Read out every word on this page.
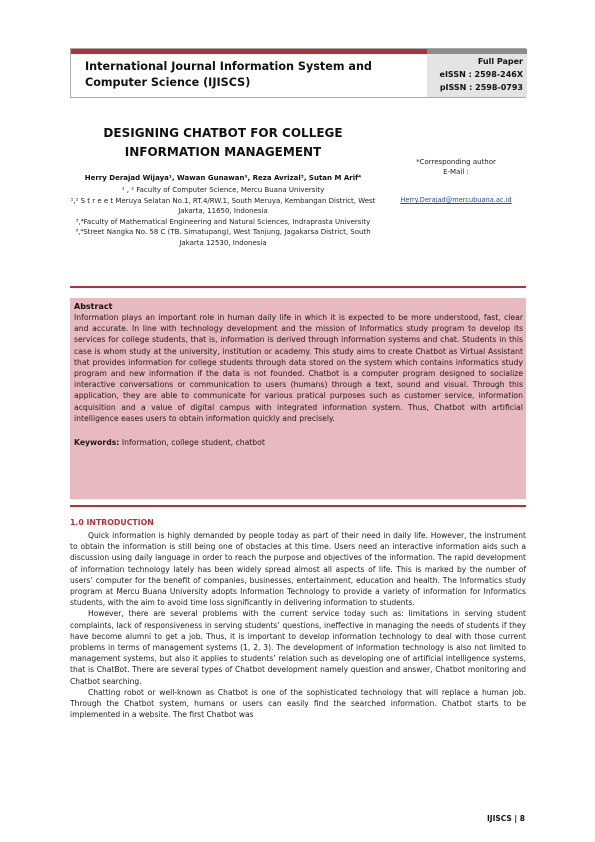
International Journal Information System and Computer Science (IJISCS)
Full Paper
eISSN : 2598-246X
pISSN : 2598-0793
DESIGNING CHATBOT FOR COLLEGE INFORMATION MANAGEMENT
Herry Derajad Wijaya¹, Wawan Gunawan², Reza Avrizal³, Sutan M Arif⁴
¹ , ² Faculty of Computer Science, Mercu Buana University
¹,² S t r e e t Meruya Selatan No.1, RT.4/RW.1, South Meruya, Kembangan District, West Jakarta, 11650, Indonesia
³,⁴Faculty of Mathematical Engineering and Natural Sciences, Indraprasta University
³,⁴Street Nangka No. 58 C (TB. Simatupang), West Tanjung, Jagakarsa District, South Jakarta 12530, Indonesia
*Corresponding author
E-Mail :
Herry.Derajad@mercubuana.ac.id

Abstract

Information plays an important role in human daily life in which it is expected to be more understood, fast, clear and accurate. In line with technology development and the mission of Informatics study program to develop its services for college students, that is, information is derived through information systems and chat. Students in this case is whom study at the university, institution or academy. This study aims to create Chatbot as Virtual Assistant that provides information for college students through data stored on the system which contains informatics study program and new information if the data is not founded. Chatbot is a computer program designed to socialize interactive conversations or communication to users (humans) through a text, sound and visual. Through this application, they are able to communicate for various pratical purposes such as customer service, information acquisition and a value of digital campus with integrated information system. Thus, Chatbot with artificial intelligence eases users to obtain information quickly and precisely.

Keywords: Information, college student, chatbot
1.0 INTRODUCTION

Quick information is highly demanded by people today as part of their need in daily life. However, the instrument to obtain the information is still being one of obstacles at this time. Users need an interactive information aids such a discussion using daily language in order to reach the purpose and objectives of the information. The rapid development of information technology lately has been widely spread almost all aspects of life. This is marked by the number of users’ computer for the benefit of companies, businesses, entertainment, education and health. The Informatics study program at Mercu Buana University adopts Information Technology to provide a variety of information for Informatics students, with the aim to avoid time loss significantly in delivering information to students.

However, there are several problems with the current service today such as: limitations in serving student complaints, lack of responsiveness in serving students’ questions, ineffective in managing the needs of students if they have become alumni to get a job. Thus, it is important to develop information technology to deal with those current problems in terms of management systems (1, 2, 3). The development of information technology is also not limited to management systems, but also it applies to students’ relation such as developing one of artificial intelligence systems, that is ChatBot. There are several types of Chatbot development namely question and answer, Chatbot monitoring and Chatbot searching.

Chatting robot or well-known as Chatbot is one of the sophisticated technology that will replace a human job. Through the Chatbot system, humans or users can easily find the searched information. Chatbot starts to be implemented in a website. The first Chatbot was

IJISCS | 8
